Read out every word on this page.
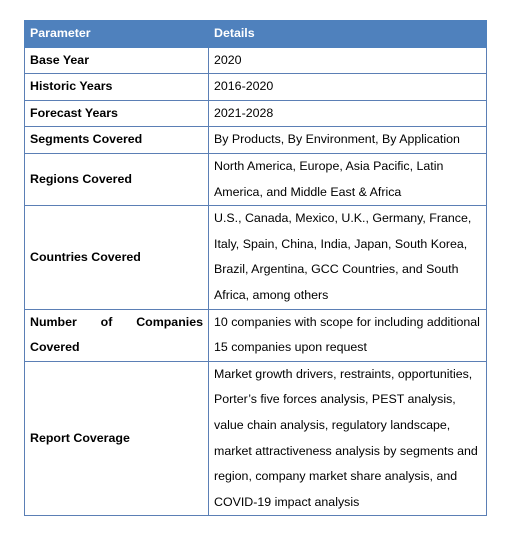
Parameter	Details
Base Year	2020
Historic Years	2016-2020
Forecast Years	2021-2028
Segments Covered	By Products, By Environment, By Application
Regions Covered	North America, Europe, Asia Pacific, Latin America, and Middle East & Africa
Countries Covered	U.S., Canada, Mexico, U.K., Germany, France, Italy, Spain, China, India, Japan, South Korea, Brazil, Argentina, GCC Countries, and South Africa, among others
Number of Companies Covered	10 companies with scope for including additional 15 companies upon request
Report Coverage	Market growth drivers, restraints, opportunities, Porter’s five forces analysis, PEST analysis, value chain analysis, regulatory landscape, market attractiveness analysis by segments and region, company market share analysis, and COVID-19 impact analysis
